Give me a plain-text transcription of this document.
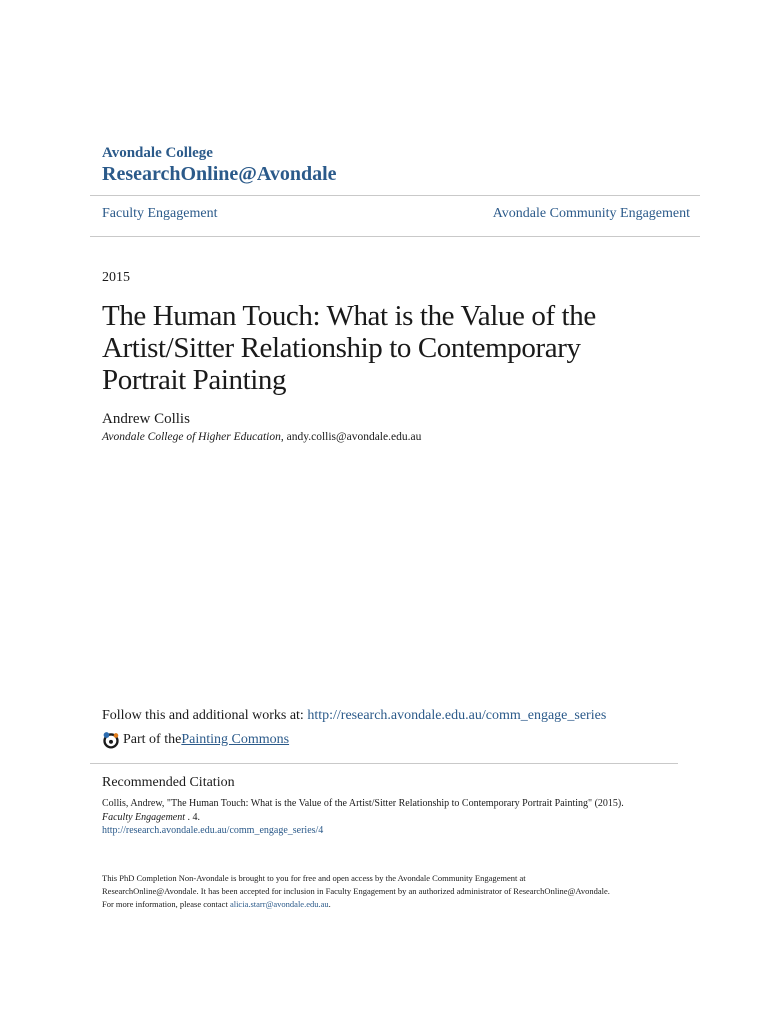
Avondale College
ResearchOnline@Avondale
Faculty Engagement	Avondale Community Engagement
2015
The Human Touch: What is the Value of the Artist/Sitter Relationship to Contemporary Portrait Painting
Andrew Collis
Avondale College of Higher Education, andy.collis@avondale.edu.au
Follow this and additional works at: http://research.avondale.edu.au/comm_engage_series
Part of the Painting Commons
Recommended Citation
Collis, Andrew, "The Human Touch: What is the Value of the Artist/Sitter Relationship to Contemporary Portrait Painting" (2015).
Faculty Engagement . 4.
http://research.avondale.edu.au/comm_engage_series/4
This PhD Completion Non-Avondale is brought to you for free and open access by the Avondale Community Engagement at
ResearchOnline@Avondale. It has been accepted for inclusion in Faculty Engagement by an authorized administrator of ResearchOnline@Avondale.
For more information, please contact alicia.starr@avondale.edu.au.
